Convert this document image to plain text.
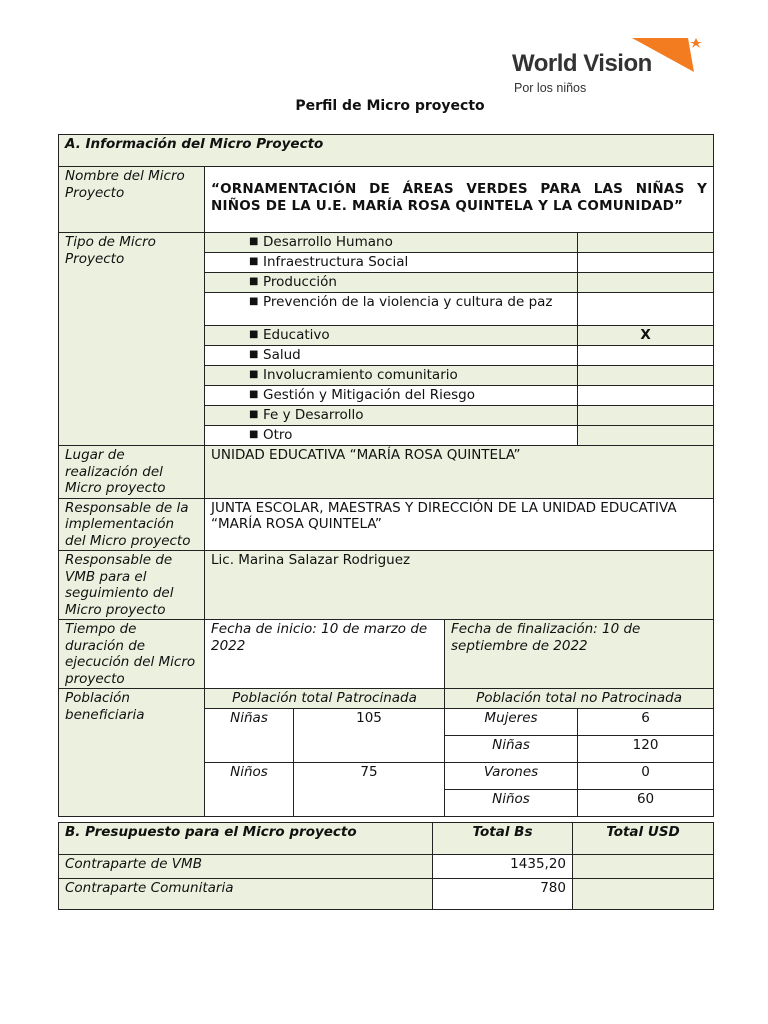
World Vision
Por los niños
Perfil de Micro proyecto
A. Información del Micro Proyecto				
Nombre del Micro Proyecto	“ORNAMENTACIÓN DE ÁREAS VERDES PARA LAS NIÑAS Y NIÑOS DE LA U.E. MARÍA ROSA QUINTELA Y LA COMUNIDAD”			
Tipo de Micro Proyecto	■ Desarrollo Humano			

	■ Infraestructura Social			

	■ Producción			

	■ Prevención de la violencia y cultura de paz			

	■ Educativo			X

	■ Salud			

	■ Involucramiento comunitario			

	■ Gestión y Mitigación del Riesgo			

	■ Fe y Desarrollo			

	■ Otro			

Lugar de realización del Micro proyecto	UNIDAD EDUCATIVA “MARÍA ROSA QUINTELA”			
Responsable de la implementación del Micro proyecto	JUNTA ESCOLAR, MAESTRAS Y DIRECCIÓN DE LA UNIDAD EDUCATIVA “MARÍA ROSA QUINTELA”			
Responsable de VMB para el seguimiento del Micro proyecto	Lic. Marina Salazar Rodriguez			
Tiempo de duración de ejecución del Micro proyecto	Fecha de inicio: 10 de marzo de 2022		Fecha de finalización: 10 de septiembre de 2022	
Población beneficiaria	Población total Patrocinada		Población total no Patrocinada	
	Niñas	105	Mujeres	6
			Niñas	120
	Niños	75	Varones	0
			Niños	60
B. Presupuesto para el Micro proyecto	Total Bs	Total USD
Contraparte de VMB	1435,20	
Contraparte Comunitaria	780	
